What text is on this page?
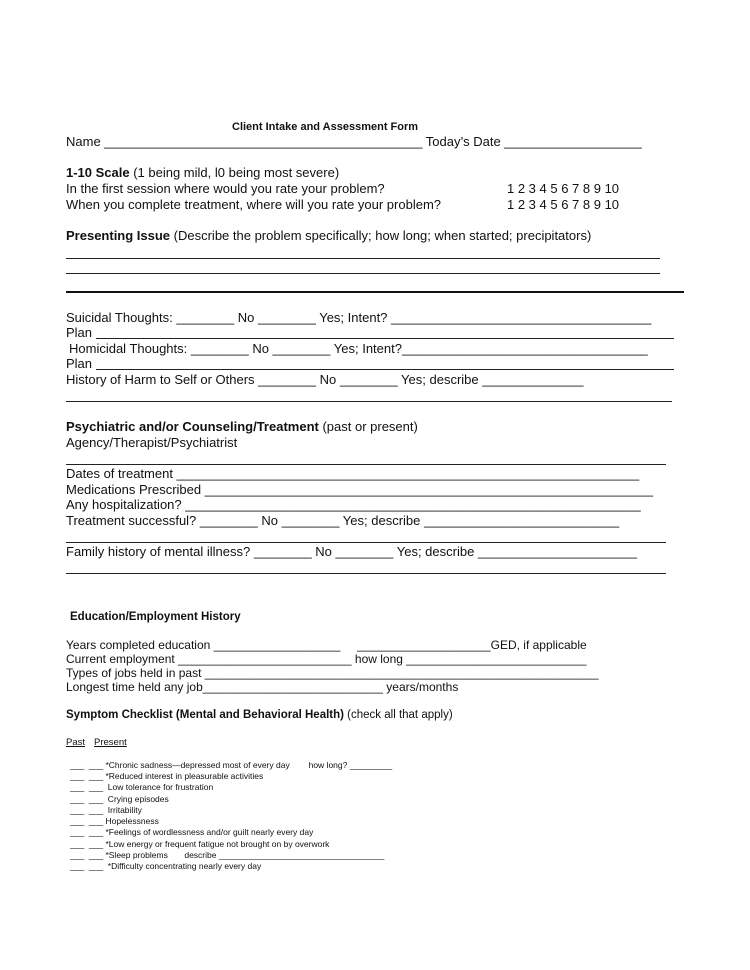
Client Intake and Assessment Form
Name ____________________________________________ Today’s Date ___________________
1-10 Scale (1 being mild, l0 being most severe)
In the first session where would you rate your problem?	1 2 3 4 5 6 7 8 9 10
When you complete treatment, where will you rate your problem?	1 2 3 4 5 6 7 8 9 10
Presenting Issue (Describe the problem specifically; how long; when started; precipitators)
Suicidal Thoughts: ________ No ________ Yes; Intent? ____________________________________
Plan
Homicidal Thoughts: ________ No ________ Yes; Intent?__________________________________
Plan
History of Harm to Self or Others ________ No ________ Yes; describe ______________
Psychiatric and/or Counseling/Treatment (past or present)
Agency/Therapist/Psychiatrist
Dates of treatment ________________________________________________________________
Medications Prescribed ______________________________________________________________
Any hospitalization? _______________________________________________________________
Treatment successful? ________ No ________ Yes; describe ___________________________
Family history of mental illness? ________ No ________ Yes; describe ______________________
Education/Employment History
Years completed education ___________________     ____________________GED, if applicable
Current employment __________________________ how long ___________________________
Types of jobs held in past ___________________________________________________________
Longest time held any job___________________________ years/months
Symptom Checklist (Mental and Behavioral Health) (check all that apply)
Past Present
___  ___ *Chronic sadness—depressed most of every day        how long? _________
___  ___ *Reduced interest in pleasurable activities
___  ___  Low tolerance for frustration
___  ___  Crying episodes
___  ___  Irritability
___  ___ Hopelessness
___  ___ *Feelings of wordlessness and/or guilt nearly every day
___  ___ *Low energy or frequent fatigue not brought on by overwork
___  ___ *Sleep problems       describe ___________________________________
___  ___  *Difficulty concentrating nearly every day
